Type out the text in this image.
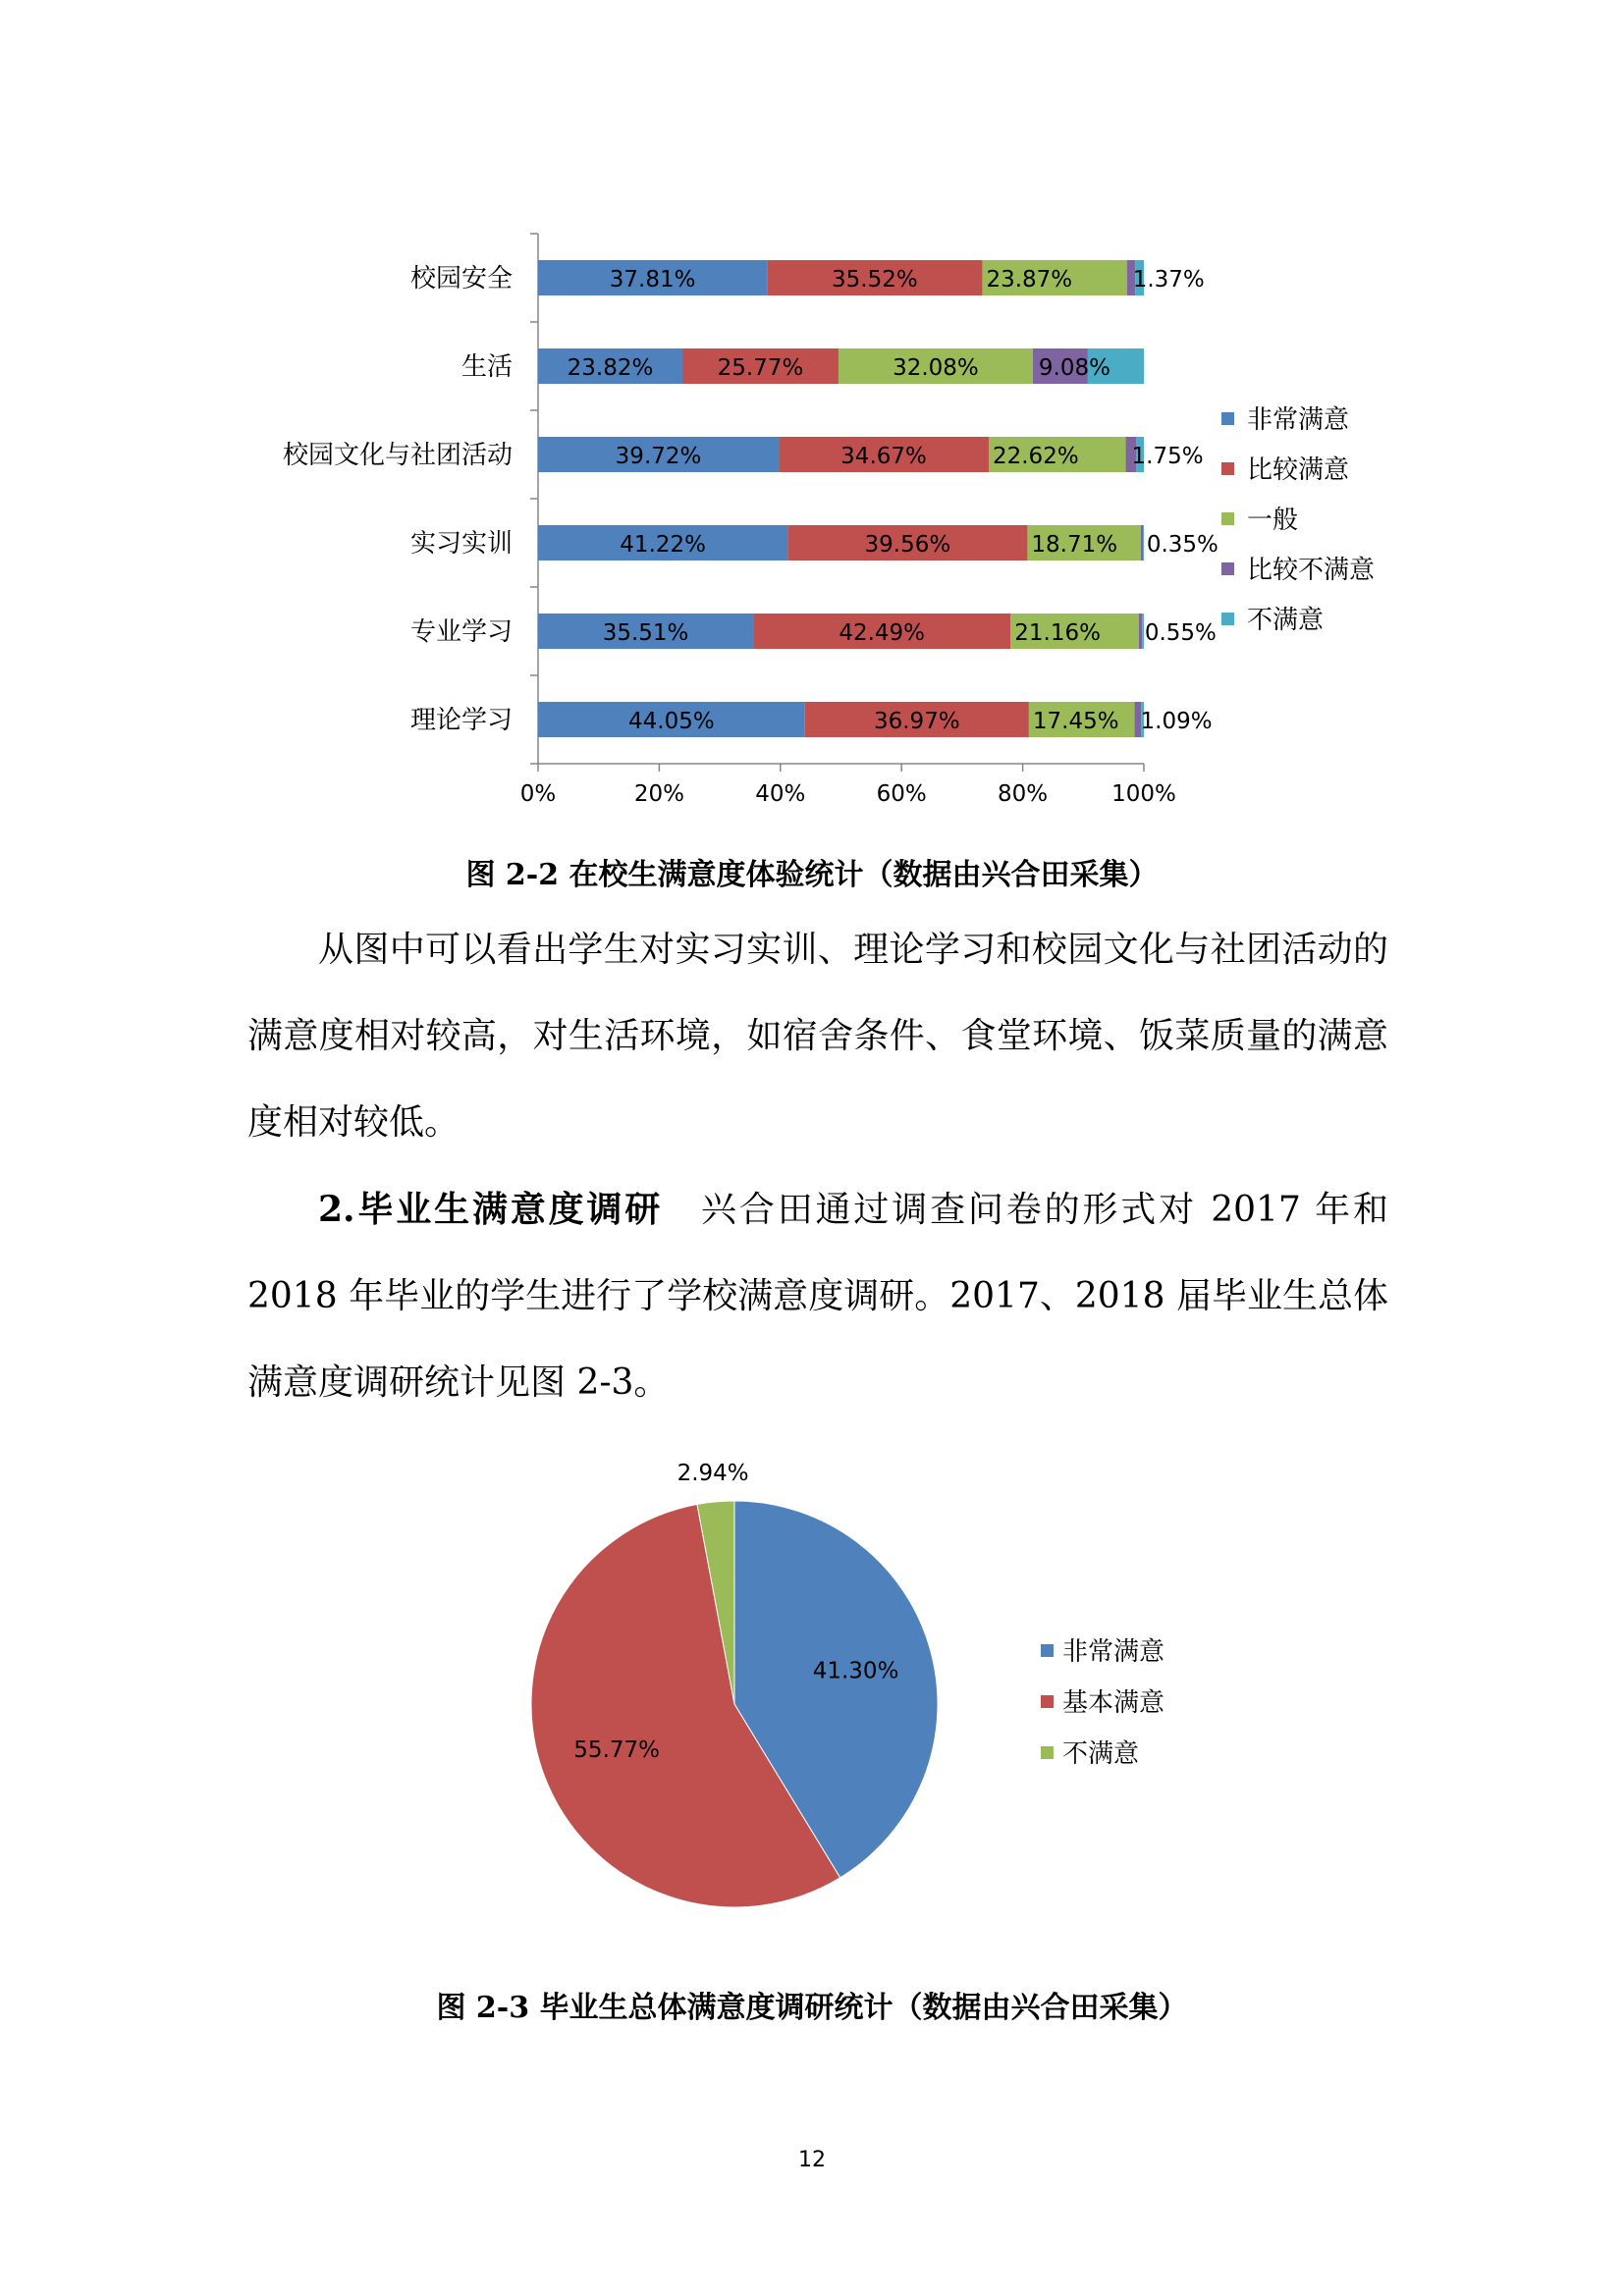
0%	20%	40%	60%	80%	100%
校园安全	37.81%	35.52%	23.87%	1.37%
生活 23.82%	25.77%	32.08%	9.08%
校园文化与社团活动	39.72%	34.67%	22.62% 1.75%
实习实训	41.22%	39.56%	18.71% 0.35%
专业学习	35.51%	42.49%	21.16% 0.55%
理论学习	44.05%	36.97%	17.45% 1.09%
非常满意
比较满意
一般
比较不满意
不满意
图 2-2 在校生满意度体验统计（数据由兴合田采集）
从图中可以看出学生对实习实训、理论学习和校园文化与社团活动的满意度相对较高，对生活环境，如宿舍条件、食堂环境、饭菜质量的满意度相对较低。
2.毕业生满意度调研 兴合田通过调查问卷的形式对 2017 年和 2018 年毕业的学生进行了学校满意度调研。2017、2018 届毕业生总体满意度调研统计见图 2-3。
41.30%
55.77%
2.94%
非常满意
基本满意
不满意
图 2-3 毕业生总体满意度调研统计（数据由兴合田采集）
12
